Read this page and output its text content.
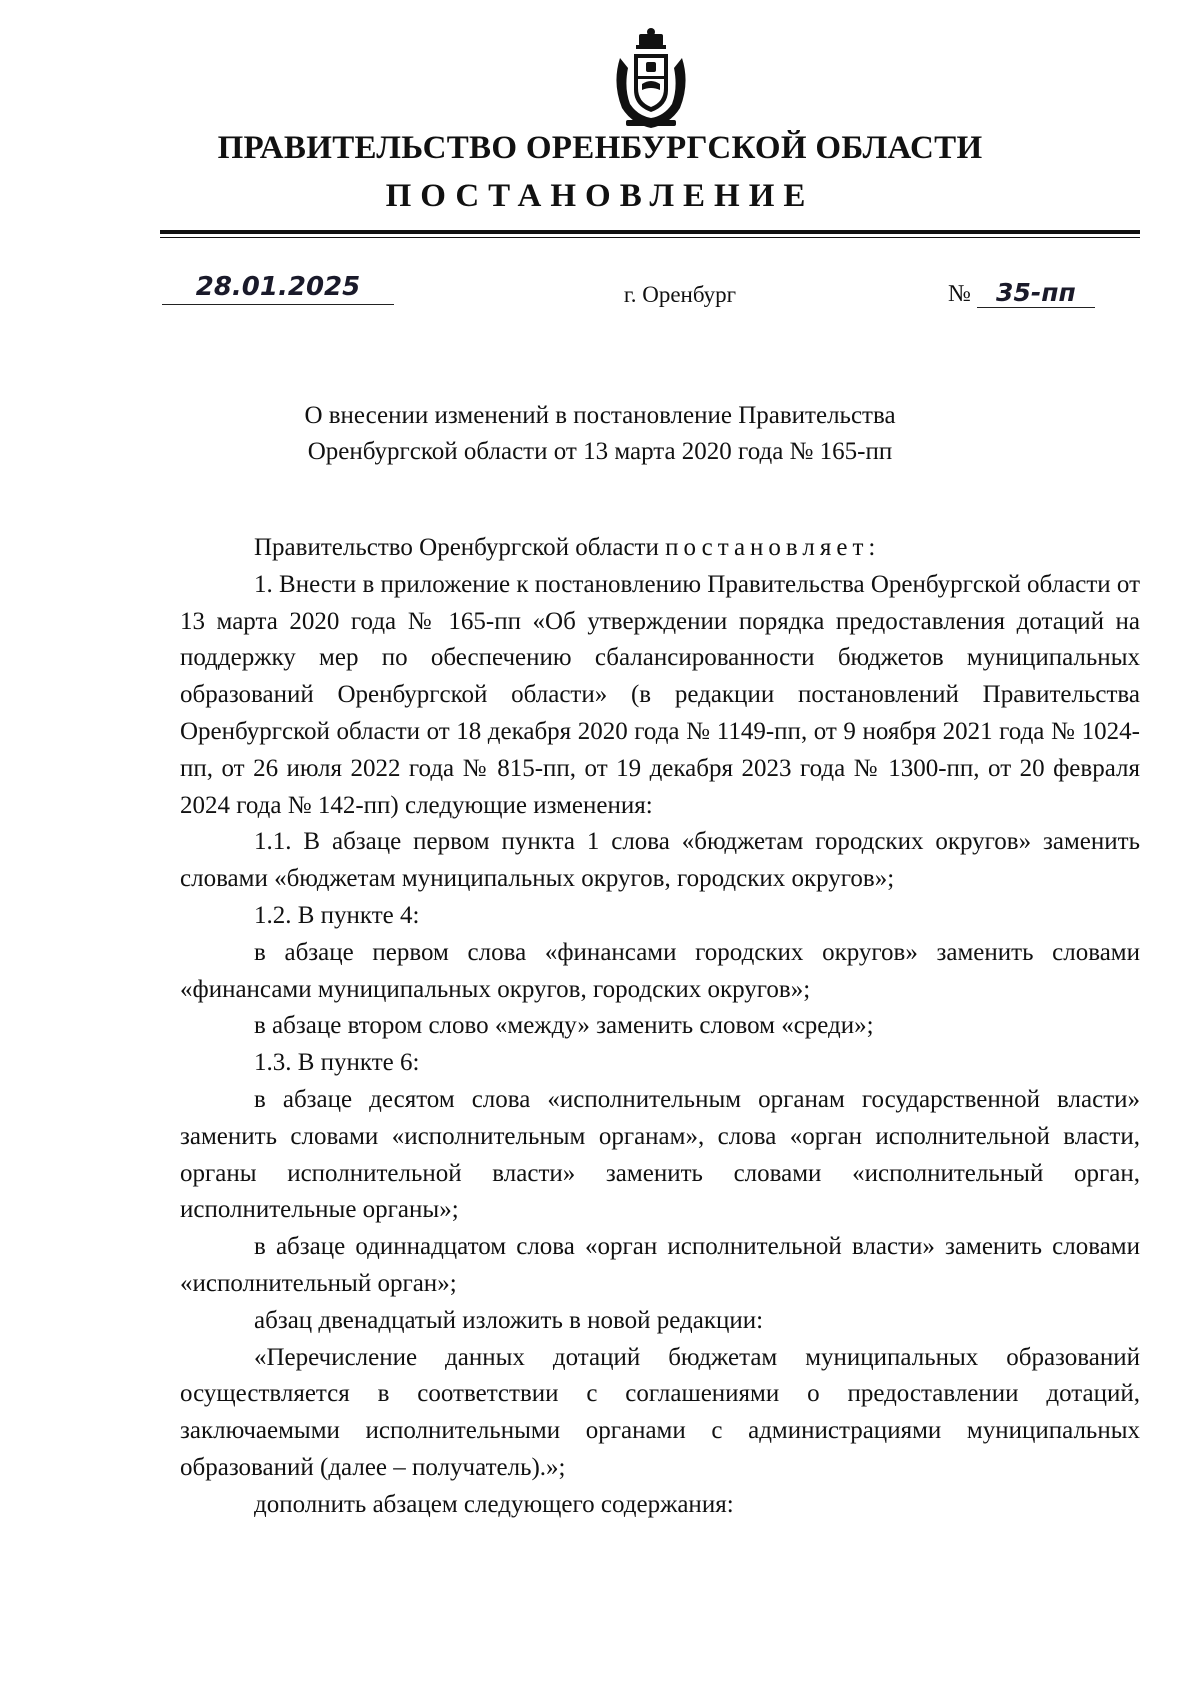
ПРАВИТЕЛЬСТВО ОРЕНБУРГСКОЙ ОБЛАСТИ
ПОСТАНОВЛЕНИЕ
28.01.2025	г. Оренбург	№ 35-пп
О внесении изменений в постановление Правительства
Оренбургской области от 13 марта 2020 года № 165-пп

Правительство Оренбургской области постановляет:

1. Внести в приложение к постановлению Правительства Оренбургской области от 13 марта 2020 года № 165-пп «Об утверждении порядка предоставления дотаций на поддержку мер по обеспечению сбалансированности бюджетов муниципальных образований Оренбургской области» (в редакции постановлений Правительства Оренбургской области от 18 декабря 2020 года № 1149-пп, от 9 ноября 2021 года № 1024-пп, от 26 июля 2022 года № 815-пп, от 19 декабря 2023 года № 1300-пп, от 20 февраля 2024 года № 142-пп) следующие изменения:

1.1. В абзаце первом пункта 1 слова «бюджетам городских округов» заменить словами «бюджетам муниципальных округов, городских округов»;

1.2. В пункте 4:

в абзаце первом слова «финансами городских округов» заменить словами «финансами муниципальных округов, городских округов»;

в абзаце втором слово «между» заменить словом «среди»;

1.3. В пункте 6:

в абзаце десятом слова «исполнительным органам государственной власти» заменить словами «исполнительным органам», слова «орган исполнительной власти, органы исполнительной власти» заменить словами «исполнительный орган, исполнительные органы»;

в абзаце одиннадцатом слова «орган исполнительной власти» заменить словами «исполнительный орган»;

абзац двенадцатый изложить в новой редакции:

«Перечисление данных дотаций бюджетам муниципальных образований осуществляется в соответствии с соглашениями о предоставлении дотаций, заключаемыми исполнительными органами с администрациями муниципальных образований (далее – получатель).»;

дополнить абзацем следующего содержания:
